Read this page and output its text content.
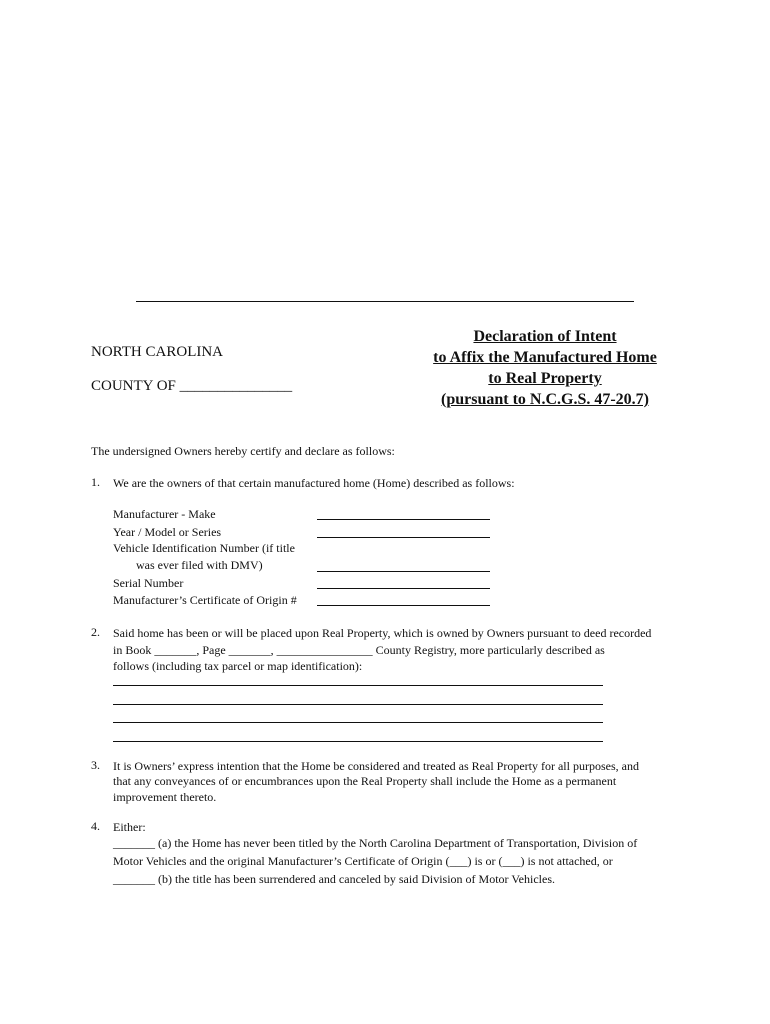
NORTH CAROLINA
COUNTY OF _______________
Declaration of Intent
to Affix the Manufactured Home
to Real Property
(pursuant to N.C.G.S. 47-20.7)
The undersigned Owners hereby certify and declare as follows:
1. We are the owners of that certain manufactured home (Home) described as follows:
Manufacturer - Make
Year / Model or Series
Vehicle Identification Number (if title
was ever filed with DMV)
Serial Number
Manufacturer’s Certificate of Origin #
2. Said home has been or will be placed upon Real Property, which is owned by Owners pursuant to deed recorded
in Book _______, Page _______, ________________ County Registry, more particularly described as
follows (including tax parcel or map identification):
3. It is Owners’ express intention that the Home be considered and treated as Real Property for all purposes, and
that any conveyances of or encumbrances upon the Real Property shall include the Home as a permanent
improvement thereto.
4. Either:
_______ (a) the Home has never been titled by the North Carolina Department of Transportation, Division of
Motor Vehicles and the original Manufacturer’s Certificate of Origin (___) is or (___) is not attached, or
_______ (b) the title has been surrendered and canceled by said Division of Motor Vehicles.
